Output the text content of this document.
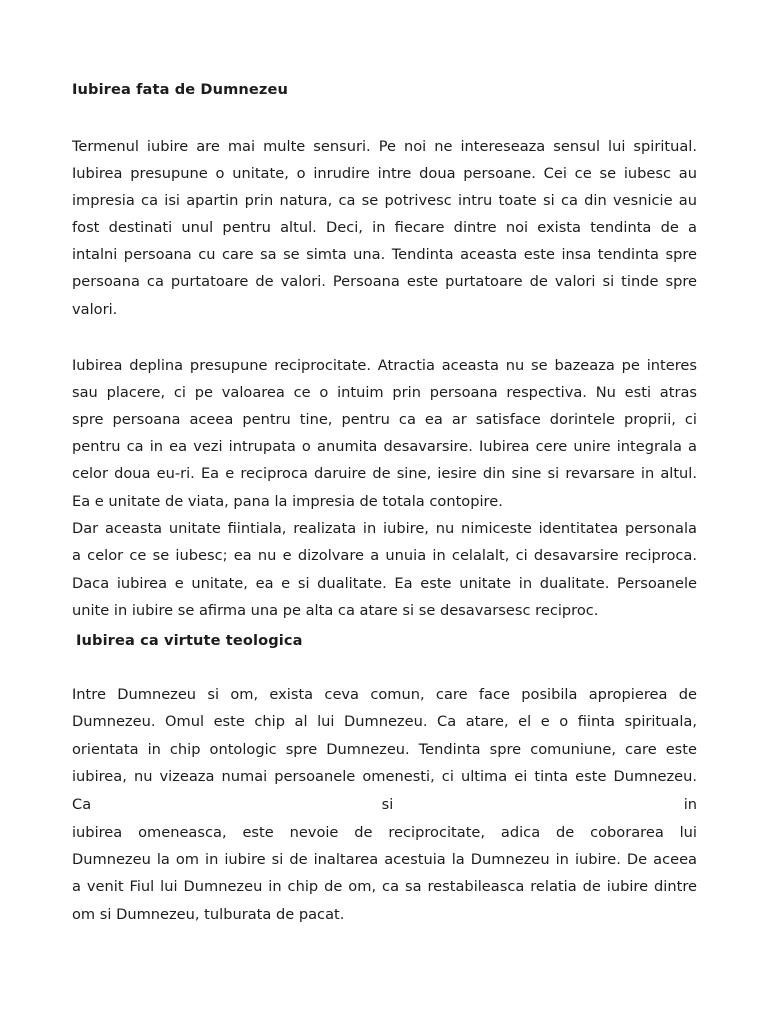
Iubirea fata de Dumnezeu
Termenul iubire are mai multe sensuri. Pe noi ne intereseaza sensul lui spiritual.
Iubirea presupune o unitate, o inrudire intre doua persoane. Cei ce se iubesc au
impresia ca isi apartin prin natura, ca se potrivesc intru toate si ca din vesnicie au
fost destinati unul pentru altul. Deci, in fiecare dintre noi exista tendinta de a
intalni persoana cu care sa se simta una. Tendinta aceasta este insa tendinta spre
persoana ca purtatoare de valori. Persoana este purtatoare de valori si tinde spre
valori.
Iubirea deplina presupune reciprocitate. Atractia aceasta nu se bazeaza pe interes
sau placere, ci pe valoarea ce o intuim prin persoana respectiva. Nu esti atras
spre persoana aceea pentru tine, pentru ca ea ar satisface dorintele proprii, ci
pentru ca in ea vezi intrupata o anumita desavarsire. Iubirea cere unire integrala a
celor doua eu-ri. Ea e reciproca daruire de sine, iesire din sine si revarsare in altul.
Ea e unitate de viata, pana la impresia de totala contopire.
Dar aceasta unitate fiintiala, realizata in iubire, nu nimiceste identitatea personala
a celor ce se iubesc; ea nu e dizolvare a unuia in celalalt, ci desavarsire reciproca.
Daca iubirea e unitate, ea e si dualitate. Ea este unitate in dualitate. Persoanele
unite in iubire se afirma una pe alta ca atare si se desavarsesc reciproc.
Iubirea ca virtute teologica
Intre Dumnezeu si om, exista ceva comun, care face posibila apropierea de
Dumnezeu. Omul este chip al lui Dumnezeu. Ca atare, el e o fiinta spirituala,
orientata in chip ontologic spre Dumnezeu. Tendinta spre comuniune, care este
iubirea, nu vizeaza numai persoanele omenesti, ci ultima ei tinta este Dumnezeu.
Ca si in
iubirea omeneasca, este nevoie de reciprocitate, adica de coborarea lui
Dumnezeu la om in iubire si de inaltarea acestuia la Dumnezeu in iubire. De aceea
a venit Fiul lui Dumnezeu in chip de om, ca sa restabileasca relatia de iubire dintre
om si Dumnezeu, tulburata de pacat.
